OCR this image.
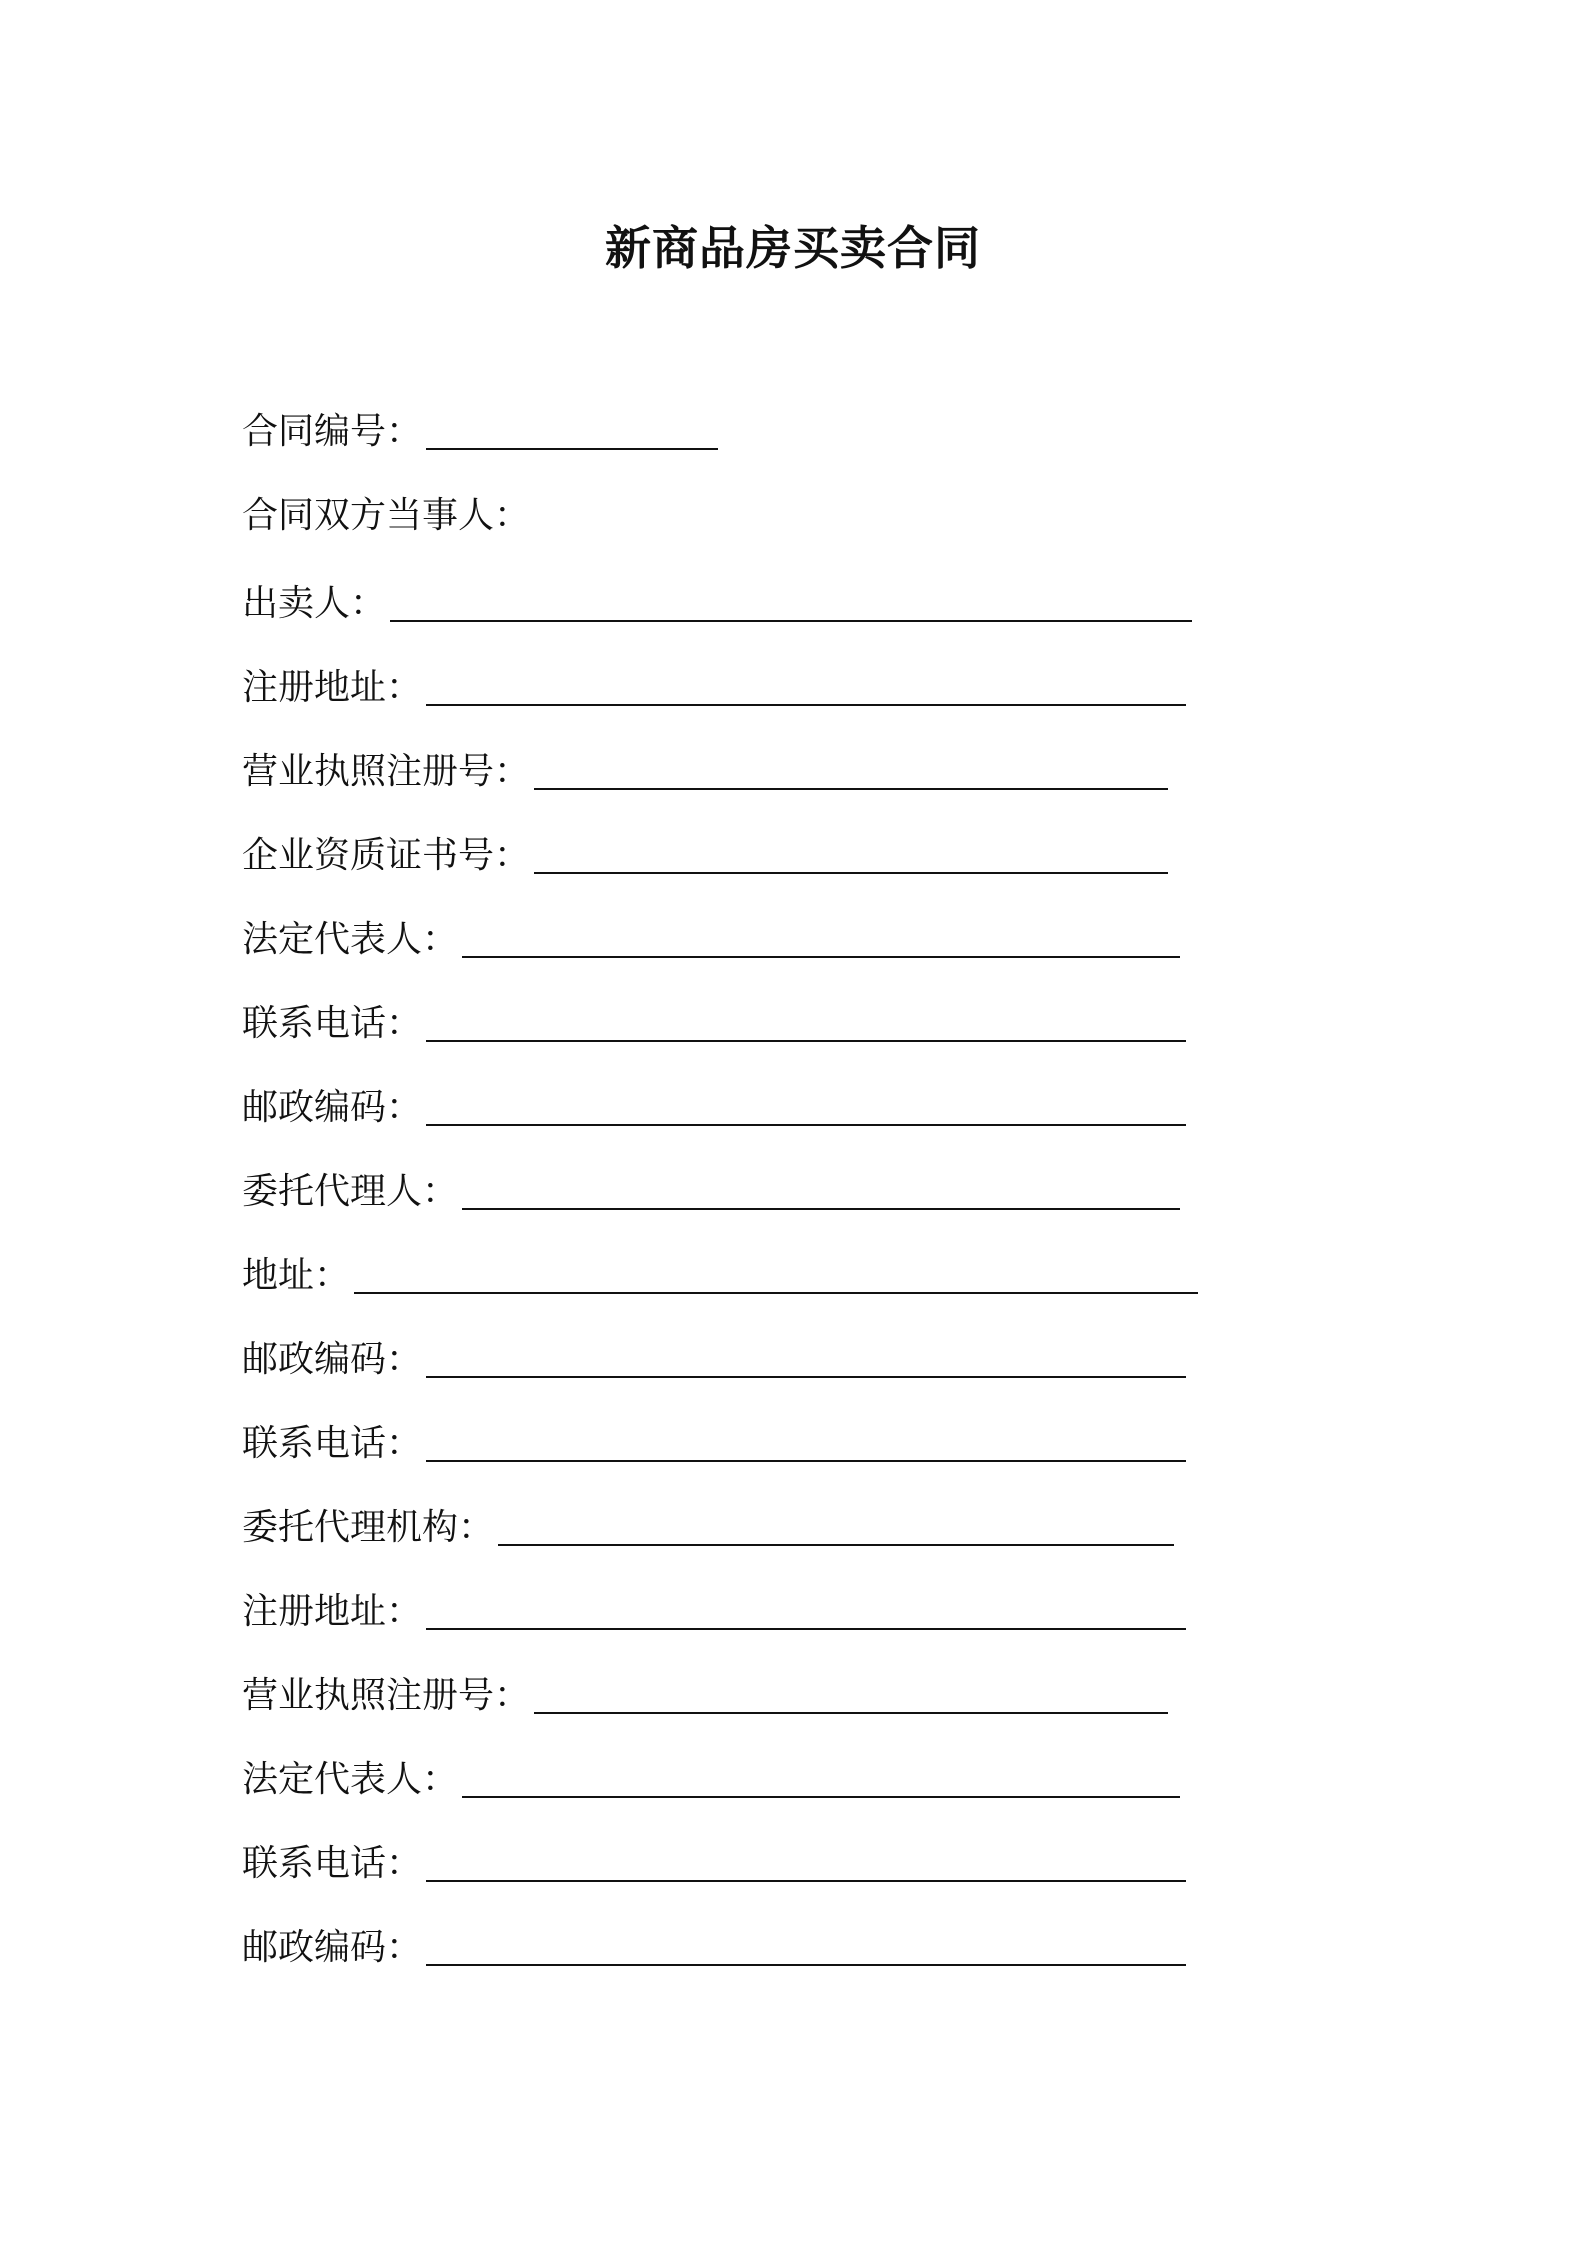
新商品房买卖合同
合同编号：
合同双方当事人：
出卖人：
注册地址：
营业执照注册号：
企业资质证书号：
法定代表人：
联系电话：
邮政编码：
委托代理人：
地址：
邮政编码：
联系电话：
委托代理机构：
注册地址：
营业执照注册号：
法定代表人：
联系电话：
邮政编码：
